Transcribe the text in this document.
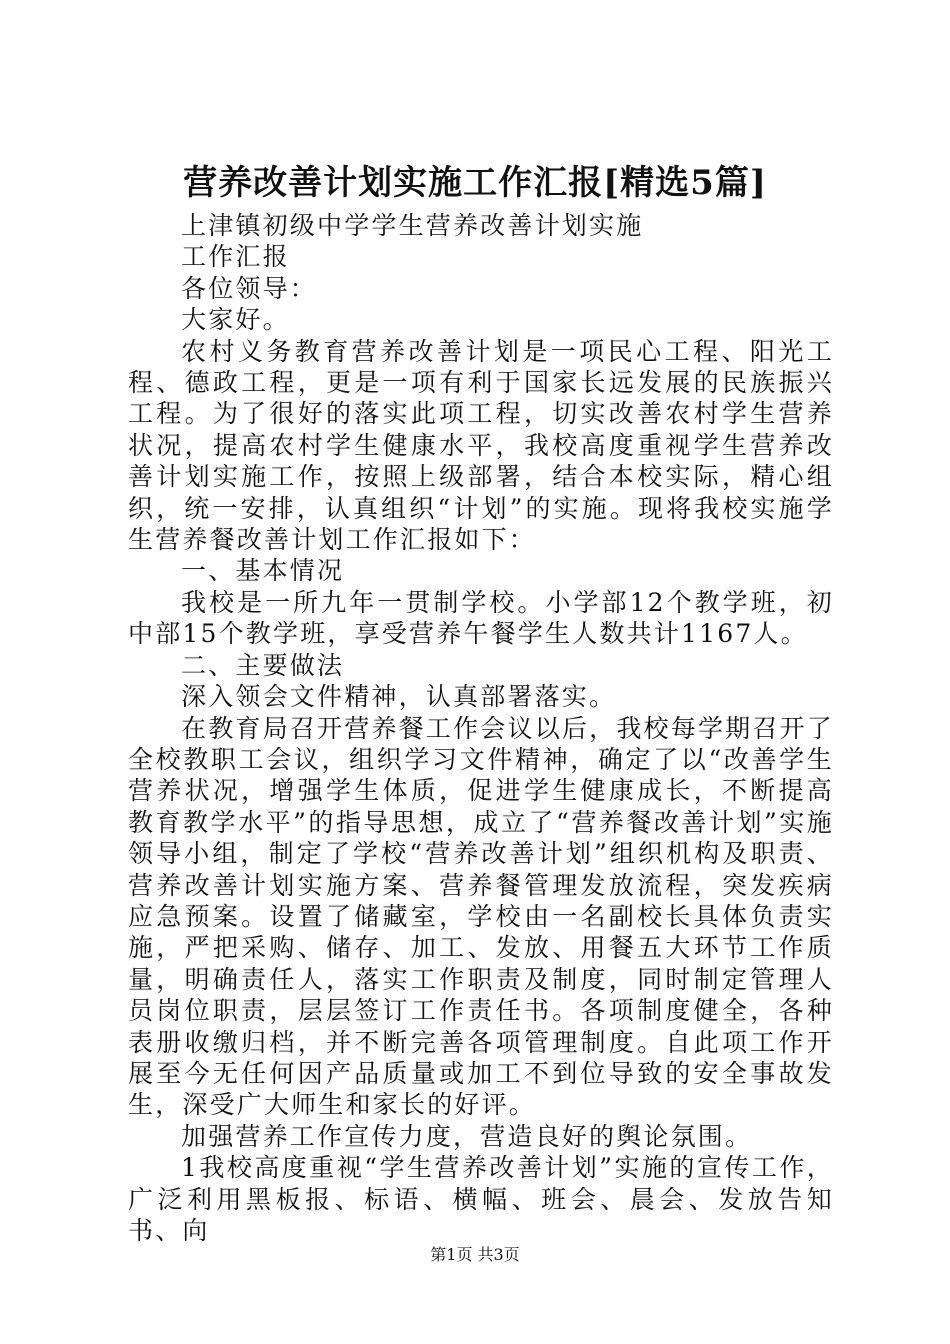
营养改善计划实施工作汇报[精选5篇]

上津镇初级中学学生营养改善计划实施

工作汇报

各位领导：

大家好。

农村义务教育营养改善计划是一项民心工程、阳光工程、德政工程，更是一项有利于国家长远发展的民族振兴工程。为了很好的落实此项工程，切实改善农村学生营养状况，提高农村学生健康水平，我校高度重视学生营养改善计划实施工作，按照上级部署，结合本校实际，精心组织，统一安排，认真组织“计划”的实施。现将我校实施学生营养餐改善计划工作汇报如下：

一、基本情况

我校是一所九年一贯制学校。小学部12个教学班，初中部15个教学班，享受营养午餐学生人数共计1167人。

二、主要做法

深入领会文件精神，认真部署落实。

在教育局召开营养餐工作会议以后，我校每学期召开了全校教职工会议，组织学习文件精神，确定了以“改善学生营养状况，增强学生体质，促进学生健康成长，不断提高教育教学水平”的指导思想，成立了“营养餐改善计划”实施领导小组，制定了学校“营养改善计划”组织机构及职责、营养改善计划实施方案、营养餐管理发放流程，突发疾病应急预案。设置了储藏室，学校由一名副校长具体负责实施，严把采购、储存、加工、发放、用餐五大环节工作质量，明确责任人，落实工作职责及制度，同时制定管理人员岗位职责，层层签订工作责任书。各项制度健全，各种表册收缴归档，并不断完善各项管理制度。自此项工作开展至今无任何因产品质量或加工不到位导致的安全事故发生，深受广大师生和家长的好评。

加强营养工作宣传力度，营造良好的舆论氛围。

1我校高度重视“学生营养改善计划”实施的宣传工作，广泛利用黑板报、标语、横幅、班会、晨会、发放告知书、向

第1页 共3页
